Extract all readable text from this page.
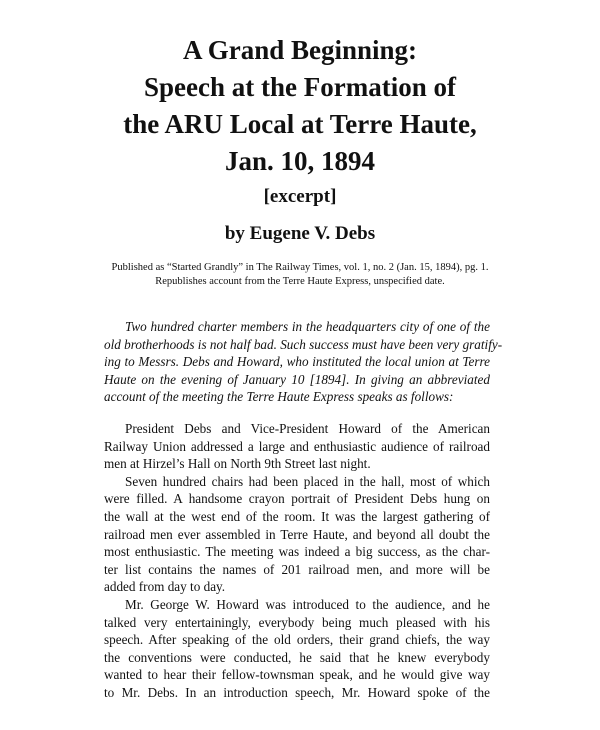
A Grand Beginning:
Speech at the Formation of
the ARU Local at Terre Haute,
Jan. 10, 1894
[excerpt]
by Eugene V. Debs
Published as “Started Grandly” in The Railway Times, vol. 1, no. 2 (Jan. 15, 1894), pg. 1.
Republishes account from the Terre Haute Express, unspecified date.
Two hundred charter members in the headquarters city of one of the
old brotherhoods is not half bad. Such success must have been very gratify-
ing to Messrs. Debs and Howard, who instituted the local union at Terre
Haute on the evening of January 10 [1894]. In giving an abbreviated
account of the meeting the Terre Haute Express speaks as follows:
President Debs and Vice-President Howard of the American
Railway Union addressed a large and enthusiastic audience of railroad
men at Hirzel’s Hall on North 9th Street last night.
Seven hundred chairs had been placed in the hall, most of which
were filled. A handsome crayon portrait of President Debs hung on
the wall at the west end of the room. It was the largest gathering of
railroad men ever assembled in Terre Haute, and beyond all doubt the
most enthusiastic. The meeting was indeed a big success, as the char-
ter list contains the names of 201 railroad men, and more will be
added from day to day.
Mr. George W. Howard was introduced to the audience, and he
talked very entertainingly, everybody being much pleased with his
speech. After speaking of the old orders, their grand chiefs, the way
the conventions were conducted, he said that he knew everybody
wanted to hear their fellow-townsman speak, and he would give way
to Mr. Debs. In an introduction speech, Mr. Howard spoke of the
